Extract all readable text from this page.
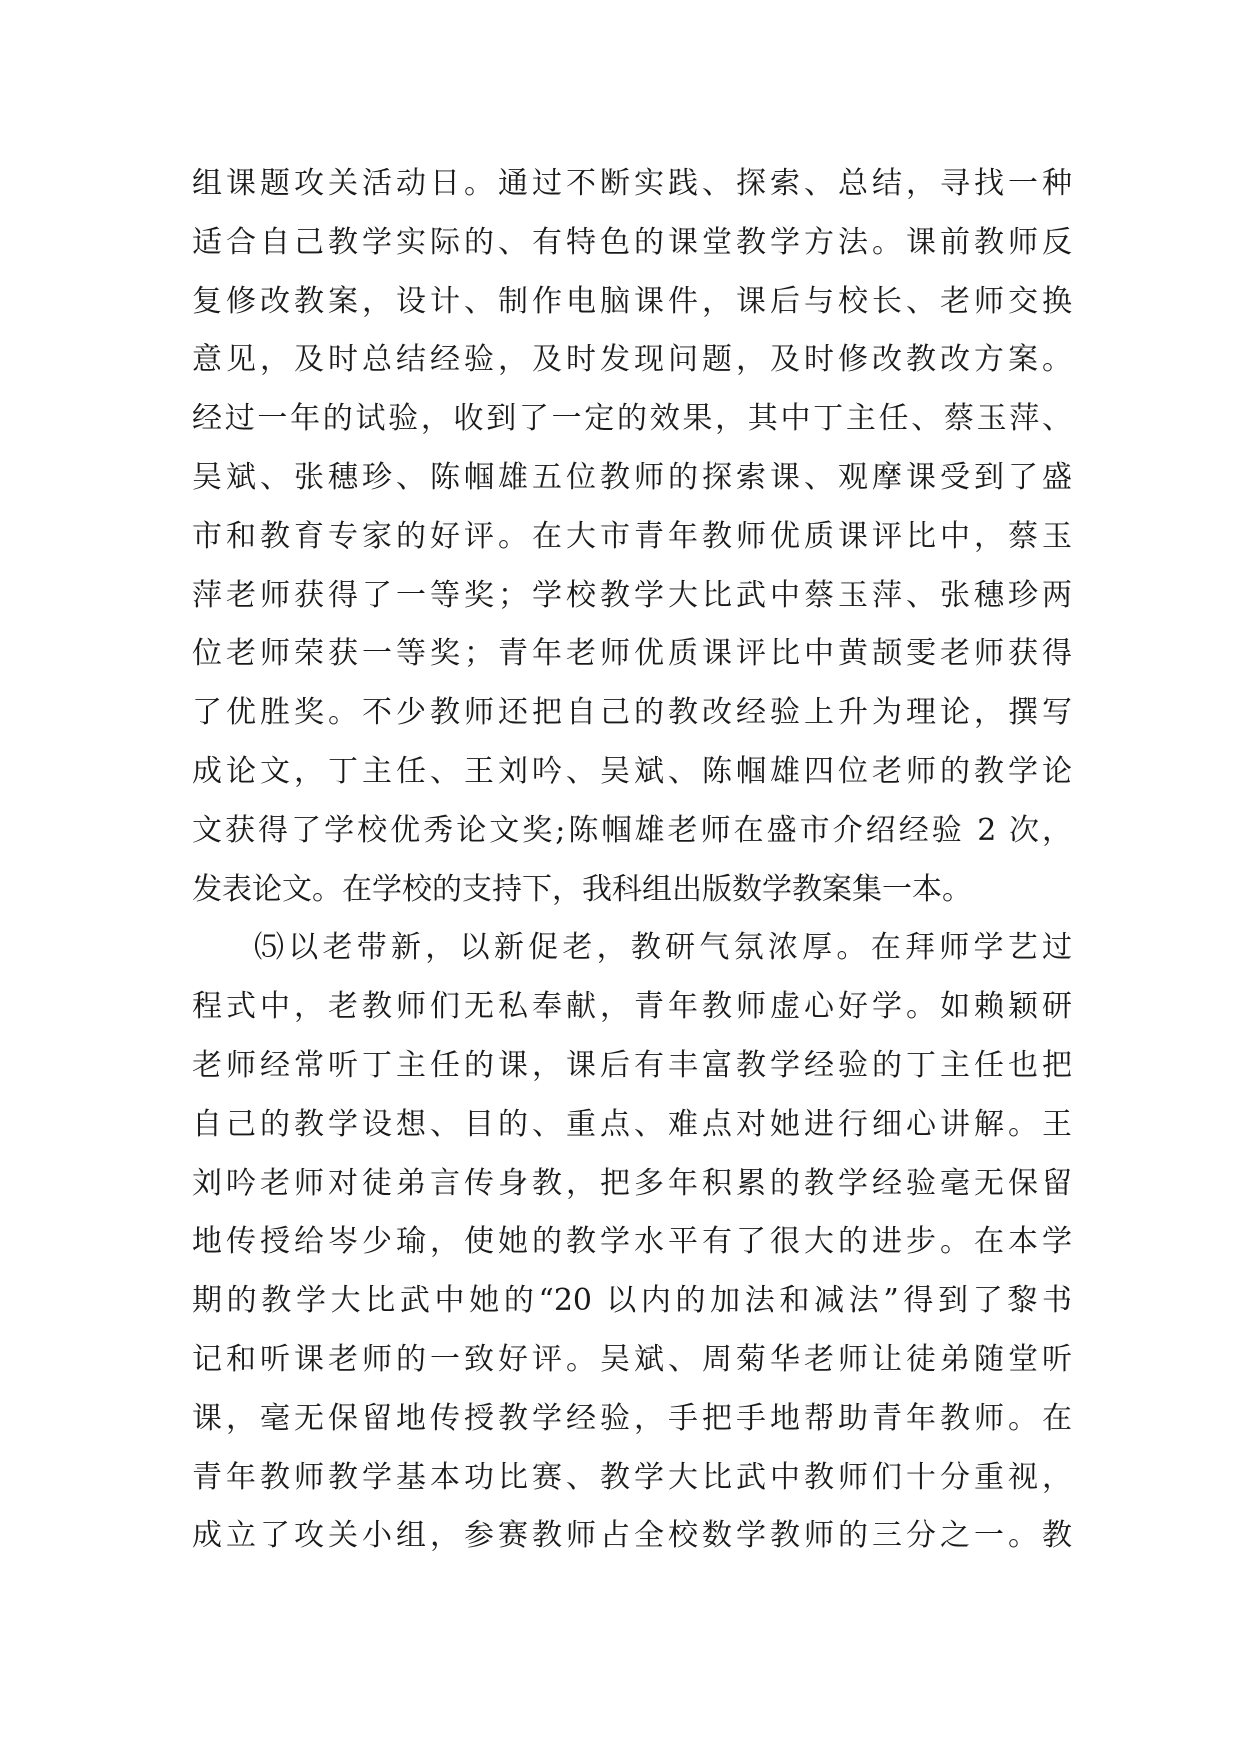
组课题攻关活动日。通过不断实践、探索、总结，寻找一种
适合自己教学实际的、有特色的课堂教学方法。课前教师反
复修改教案，设计、制作电脑课件，课后与校长、老师交换
意见，及时总结经验，及时发现问题，及时修改教改方案。
经过一年的试验，收到了一定的效果，其中丁主任、蔡玉萍、
吴斌、张穗珍、陈帼雄五位教师的探索课、观摩课受到了盛
市和教育专家的好评。在大市青年教师优质课评比中，蔡玉
萍老师获得了一等奖；学校教学大比武中蔡玉萍、张穗珍两
位老师荣获一等奖；青年老师优质课评比中黄颉雯老师获得
了优胜奖。不少教师还把自己的教改经验上升为理论，撰写
成论文，丁主任、王刘吟、吴斌、陈帼雄四位老师的教学论
文获得了学校优秀论文奖;陈帼雄老师在盛市介绍经验 2 次，
发表论文。在学校的支持下，我科组出版数学教案集一本。
⑸以老带新，以新促老，教研气氛浓厚。在拜师学艺过
程式中，老教师们无私奉献，青年教师虚心好学。如赖颖研
老师经常听丁主任的课，课后有丰富教学经验的丁主任也把
自己的教学设想、目的、重点、难点对她进行细心讲解。王
刘吟老师对徒弟言传身教，把多年积累的教学经验毫无保留
地传授给岑少瑜，使她的教学水平有了很大的进步。在本学
期的教学大比武中她的“20 以内的加法和减法”得到了黎书
记和听课老师的一致好评。吴斌、周菊华老师让徒弟随堂听
课，毫无保留地传授教学经验，手把手地帮助青年教师。在
青年教师教学基本功比赛、教学大比武中教师们十分重视，
成立了攻关小组，参赛教师占全校数学教师的三分之一。教
